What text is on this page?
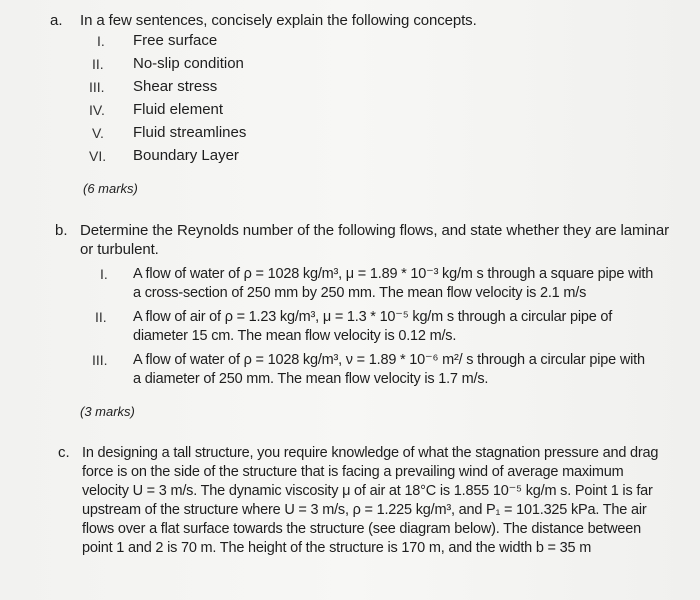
a. In a few sentences, concisely explain the following concepts.
I. Free surface
II. No-slip condition
III. Shear stress
IV. Fluid element
V. Fluid streamlines
VI. Boundary Layer
(6 marks)
b. Determine the Reynolds number of the following flows, and state whether they are laminar
or turbulent.
I. A flow of water of ρ = 1028 kg/m³, μ = 1.89 * 10⁻³ kg/m s through a square pipe with
a cross-section of 250 mm by 250 mm. The mean flow velocity is 2.1 m/s
II. A flow of air of ρ = 1.23 kg/m³, μ = 1.3 * 10⁻⁵ kg/m s through a circular pipe of
diameter 15 cm. The mean flow velocity is 0.12 m/s.
III. A flow of water of ρ = 1028 kg/m³, ν = 1.89 * 10⁻⁶ m²/ s through a circular pipe with
a diameter of 250 mm. The mean flow velocity is 1.7 m/s.
(3 marks)
c. In designing a tall structure, you require knowledge of what the stagnation pressure and drag
force is on the side of the structure that is facing a prevailing wind of average maximum
velocity U = 3 m/s. The dynamic viscosity μ of air at 18°C is 1.855 10⁻⁵ kg/m s. Point 1 is far
upstream of the structure where U = 3 m/s, ρ = 1.225 kg/m³, and P₁ = 101.325 kPa. The air
flows over a flat surface towards the structure (see diagram below). The distance between
point 1 and 2 is 70 m. The height of the structure is 170 m, and the width b = 35 m
